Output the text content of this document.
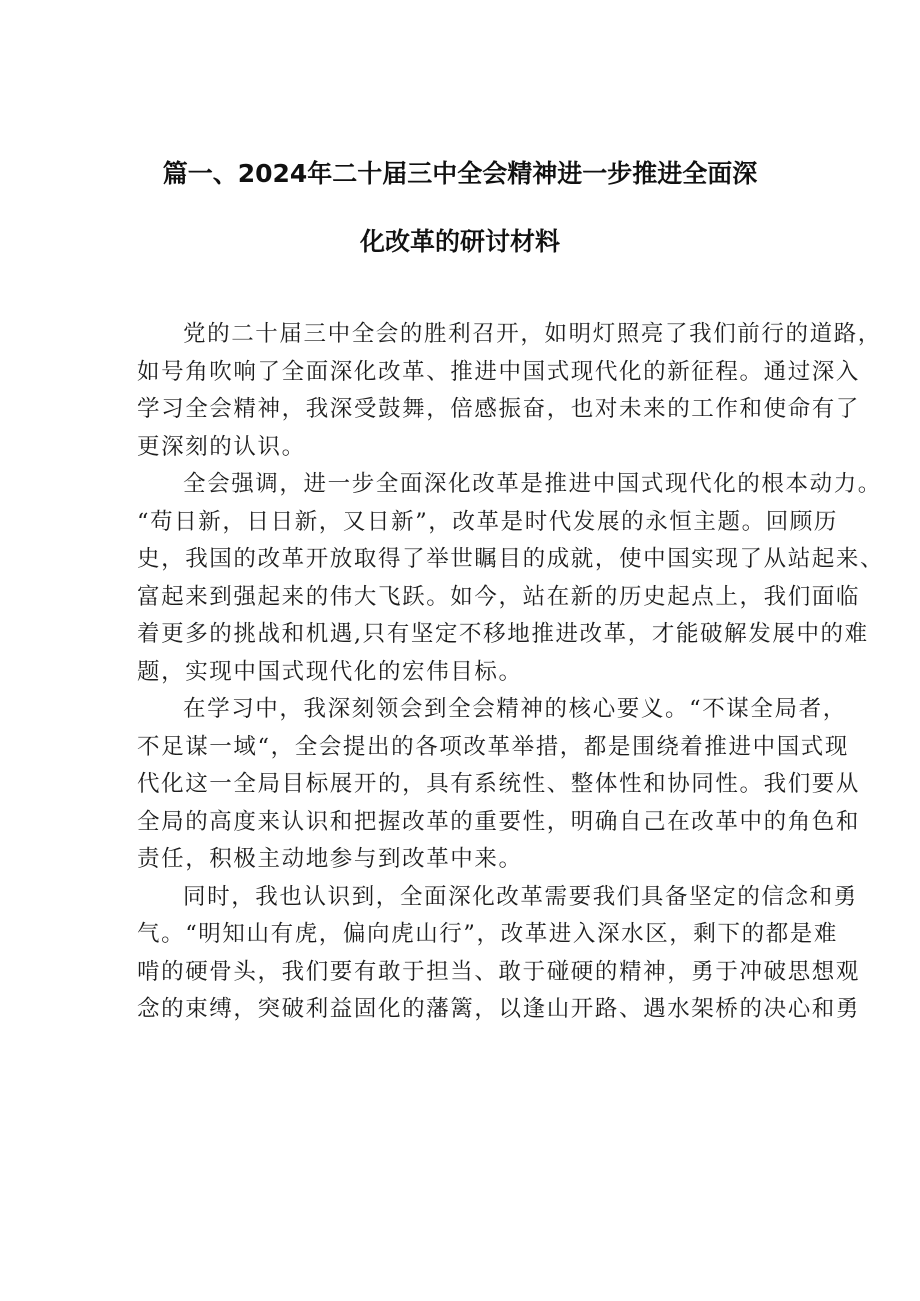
篇一、2024年二十届三中全会精神进一步推进全面深
化改革的研讨材料
党的二十届三中全会的胜利召开，如明灯照亮了我们前行的道路，
如号角吹响了全面深化改革、推进中国式现代化的新征程。通过深入
学习全会精神，我深受鼓舞，倍感振奋，也对未来的工作和使命有了
更深刻的认识。
全会强调，进一步全面深化改革是推进中国式现代化的根本动力。
“苟日新，日日新，又日新”，改革是时代发展的永恒主题。回顾历
史，我国的改革开放取得了举世瞩目的成就，使中国实现了从站起来、
富起来到强起来的伟大飞跃。如今，站在新的历史起点上，我们面临
着更多的挑战和机遇,只有坚定不移地推进改革，才能破解发展中的难
题，实现中国式现代化的宏伟目标。
在学习中，我深刻领会到全会精神的核心要义。“不谋全局者，
不足谋一域“，全会提出的各项改革举措，都是围绕着推进中国式现
代化这一全局目标展开的，具有系统性、整体性和协同性。我们要从
全局的高度来认识和把握改革的重要性，明确自己在改革中的角色和
责任，积极主动地参与到改革中来。
同时，我也认识到，全面深化改革需要我们具备坚定的信念和勇
气。“明知山有虎，偏向虎山行”，改革进入深水区，剩下的都是难
啃的硬骨头，我们要有敢于担当、敢于碰硬的精神，勇于冲破思想观
念的束缚，突破利益固化的藩篱，以逢山开路、遇水架桥的决心和勇
